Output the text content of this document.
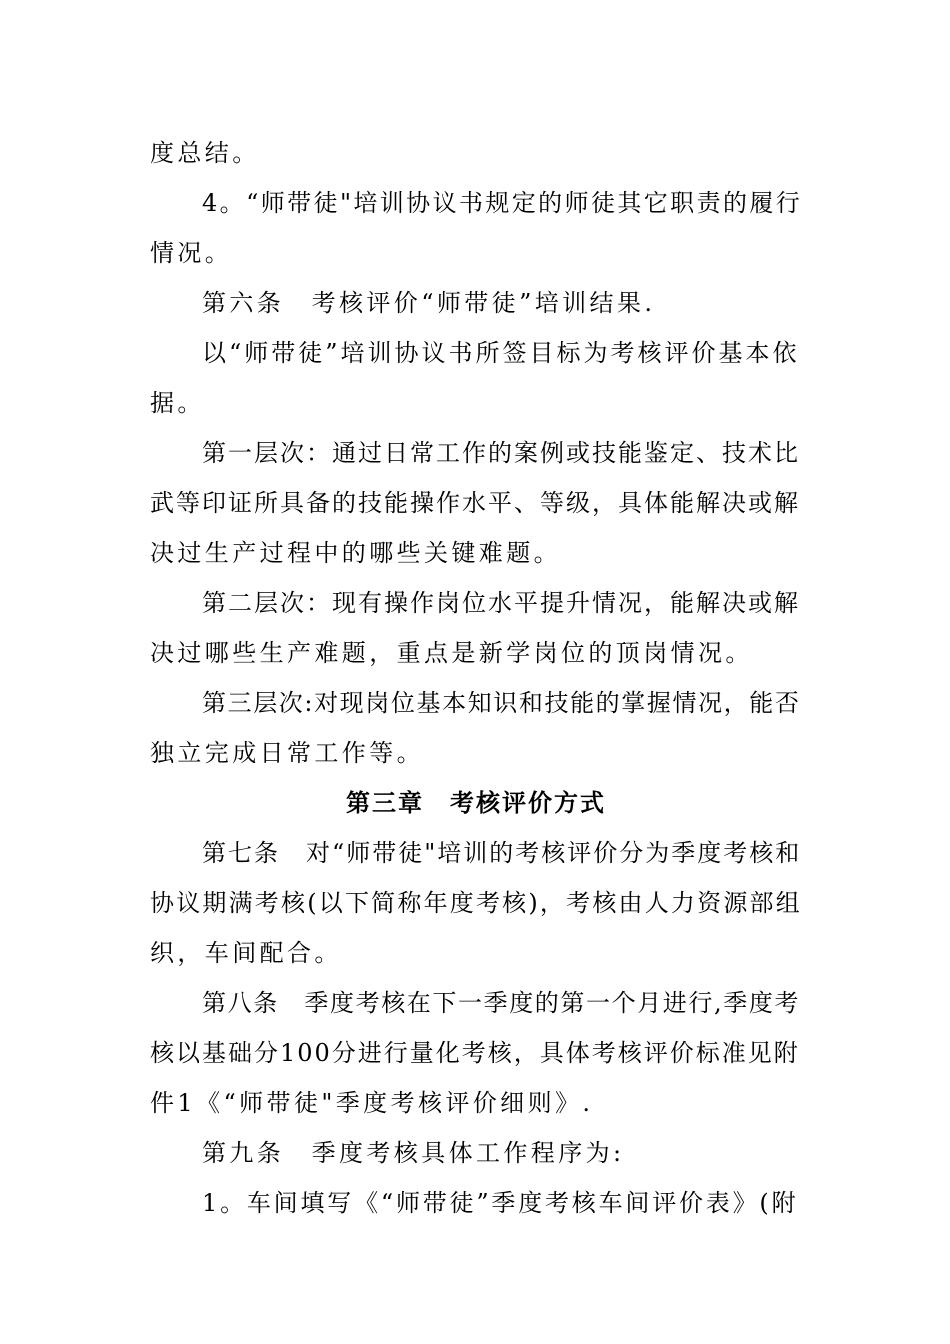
度总结。
4。“师带徒"培训协议书规定的师徒其它职责的履行
情况。
第六条　考核评价“师带徒”培训结果.
以“师带徒”培训协议书所签目标为考核评价基本依
据。
第一层次：通过日常工作的案例或技能鉴定、技术比
武等印证所具备的技能操作水平、等级，具体能解决或解
决过生产过程中的哪些关键难题。
第二层次：现有操作岗位水平提升情况，能解决或解
决过哪些生产难题，重点是新学岗位的顶岗情况。
第三层次:对现岗位基本知识和技能的掌握情况，能否
独立完成日常工作等。
第三章　考核评价方式
第七条　对“师带徒"培训的考核评价分为季度考核和
协议期满考核(以下简称年度考核)，考核由人力资源部组
织，车间配合。
第八条　季度考核在下一季度的第一个月进行,季度考
核以基础分100分进行量化考核，具体考核评价标准见附
件1《“师带徒"季度考核评价细则》.
第九条　季度考核具体工作程序为:
1。车间填写《“师带徒”季度考核车间评价表》(附
